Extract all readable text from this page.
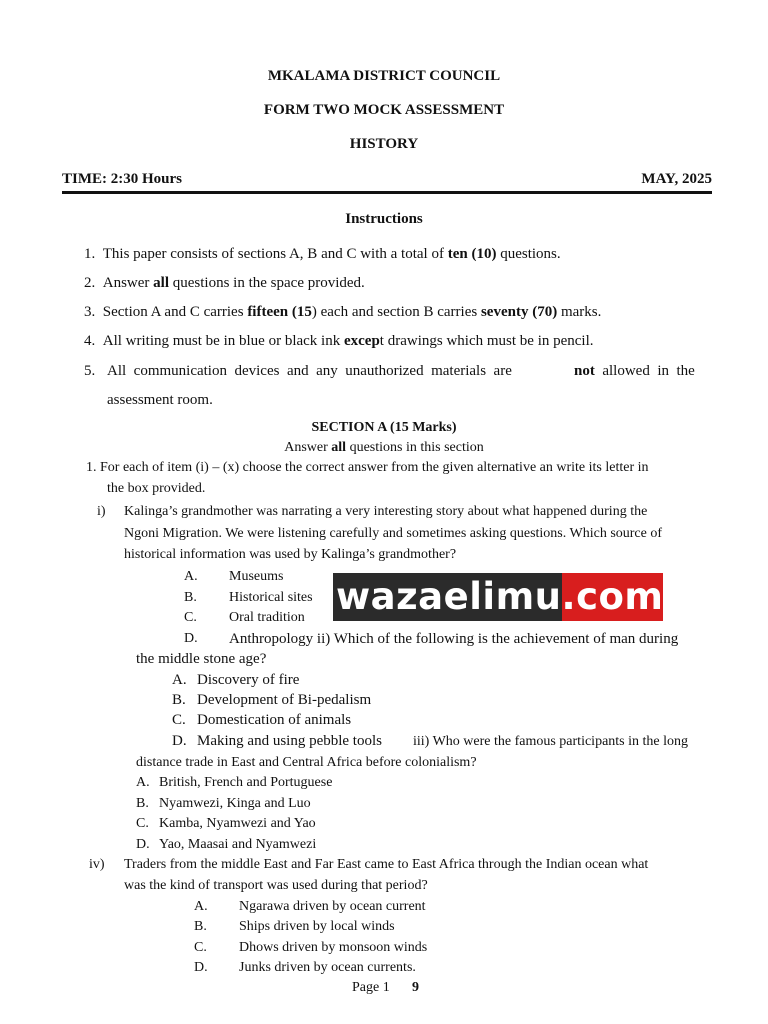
MKALAMA DISTRICT COUNCIL
FORM TWO MOCK ASSESSMENT
HISTORY
TIME: 2:30 Hours	MAY, 2025
Instructions
1. This paper consists of sections A, B and C with a total of ten (10) questions.
2. Answer all questions in the space provided.
3. Section A and C carries fifteen (15) each and section B carries seventy (70) marks.
4. All writing must be in blue or black ink except drawings which must be in pencil.
5. All  communication  devices  and  any  unauthorized  materials  are	not  allowed  in  the
assessment room.
SECTION A (15 Marks)
Answer all questions in this section
1. For each of item (i) – (x) choose the correct answer from the given alternative an write its letter in
the box provided.
i) Kalinga’s grandmother was narrating a very interesting story about what happened during the
Ngoni Migration. We were listening carefully and sometimes asking questions. Which source of
historical information was used by Kalinga’s grandmother?
A. Museums
B. Historical sites
C. Oral tradition
D. Anthropology ii) Which of the following is the achievement of man during
wazaelimu .com
the middle stone age?
A. Discovery of fire
B. Development of Bi-pedalism
C. Domestication of animals
D. Making and using pebble tools iii) Who were the famous participants in the long
distance trade in East and Central Africa before colonialism?
A. British, French and Portuguese
B. Nyamwezi, Kinga and Luo
C. Kamba, Nyamwezi and Yao
D. Yao, Maasai and Nyamwezi
iv) Traders from the middle East and Far East came to East Africa through the Indian ocean what
was the kind of transport was used during that period?
A. Ngarawa driven by ocean current
B. Ships driven by local winds
C. Dhows driven by monsoon winds
D. Junks driven by ocean currents.
Page 1 9
